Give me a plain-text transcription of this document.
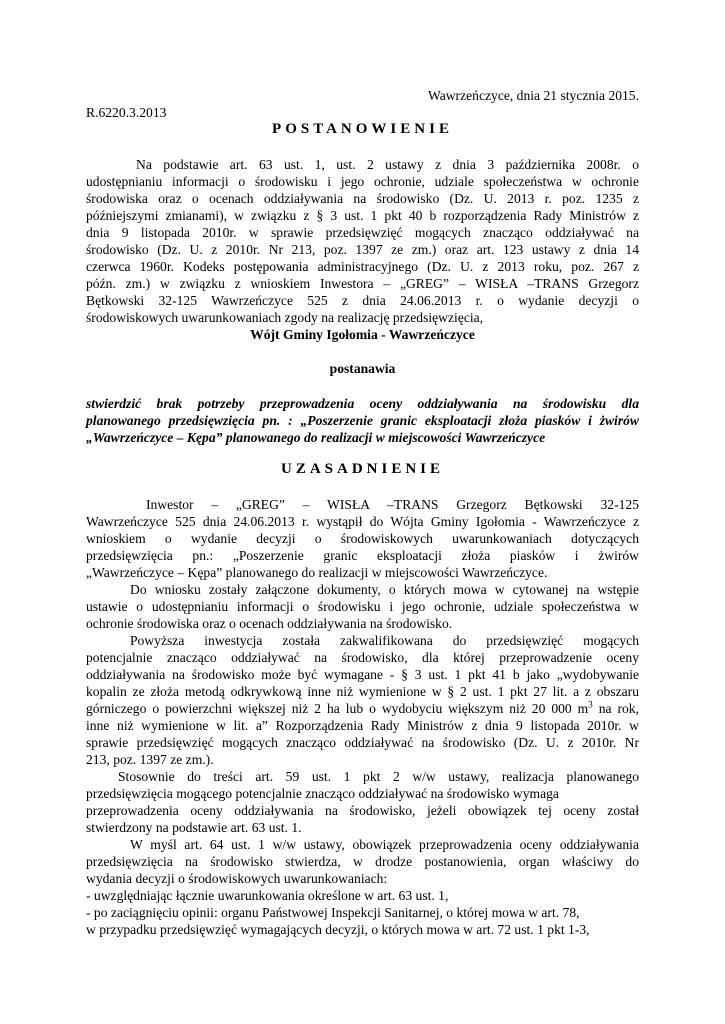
Wawrzeńczyce, dnia 21 stycznia 2015.
R.6220.3.2013
POSTANOWIENIE
Na podstawie art. 63 ust. 1, ust. 2 ustawy z dnia 3 października 2008r. o
udostępnianiu informacji o środowisku i jego ochronie, udziale społeczeństwa w ochronie
środowiska oraz o ocenach oddziaływania na środowisko (Dz. U. 2013 r. poz. 1235 z
późniejszymi zmianami), w związku z § 3 ust. 1 pkt 40 b rozporządzenia Rady Ministrów z
dnia 9 listopada 2010r. w sprawie przedsięwzięć mogących znacząco oddziaływać na
środowisko (Dz. U. z 2010r. Nr 213, poz. 1397 ze zm.) oraz art. 123 ustawy z dnia 14
czerwca 1960r. Kodeks postępowania administracyjnego (Dz. U. z 2013 roku, poz. 267 z
późn. zm.) w związku z wnioskiem Inwestora – „GREG” – WISŁA –TRANS Grzegorz
Bętkowski 32-125 Wawrzeńczyce 525 z dnia 24.06.2013 r. o wydanie decyzji o
środowiskowych uwarunkowaniach zgody na realizację przedsięwzięcia,
Wójt Gminy Igołomia - Wawrzeńczyce
postanawia
stwierdzić brak potrzeby przeprowadzenia oceny oddziaływania na środowisku dla
planowanego przedsięwzięcia pn. : „Poszerzenie granic eksploatacji złoża piasków i żwirów
„Wawrzeńczyce – Kępa” planowanego do realizacji w miejscowości Wawrzeńczyce
UZASADNIENIE
Inwestor – „GREG” – WISŁA –TRANS Grzegorz Bętkowski 32-125
Wawrzeńczyce 525 dnia 24.06.2013 r. wystąpił do Wójta Gminy Igołomia - Wawrzeńczyce z
wnioskiem o wydanie decyzji o środowiskowych uwarunkowaniach dotyczących
przedsięwzięcia pn.: „Poszerzenie granic eksploatacji złoża piasków i żwirów
„Wawrzeńczyce – Kępa” planowanego do realizacji w miejscowości Wawrzeńczyce.
Do wniosku zostały załączone dokumenty, o których mowa w cytowanej na wstępie
ustawie o udostępnianiu informacji o środowisku i jego ochronie, udziale społeczeństwa w
ochronie środowiska oraz o ocenach oddziaływania na środowisko.
Powyższa inwestycja została zakwalifikowana do przedsięwzięć mogących
potencjalnie znacząco oddziaływać na środowisko, dla której przeprowadzenie oceny
oddziaływania na środowisko może być wymagane - § 3 ust. 1 pkt 41 b jako „wydobywanie
kopalin ze złoża metodą odkrywkową inne niż wymienione w § 2 ust. 1 pkt 27 lit. a z obszaru
górniczego o powierzchni większej niż 2 ha lub o wydobyciu większym niż 20 000 $m^3$ na rok,
inne niż wymienione w lit. a” Rozporządzenia Rady Ministrów z dnia 9 listopada 2010r. w
sprawie przedsięwzięć mogących znacząco oddziaływać na środowisko (Dz. U. z 2010r. Nr
213, poz. 1397 ze zm.).
Stosownie do treści art. 59 ust. 1 pkt 2 w/w ustawy, realizacja planowanego
przedsięwzięcia mogącego potencjalnie znacząco oddziaływać na środowisko wymaga
przeprowadzenia oceny oddziaływania na środowisko, jeżeli obowiązek tej oceny został
stwierdzony na podstawie art. 63 ust. 1.
W myśl art. 64 ust. 1 w/w ustawy, obowiązek przeprowadzenia oceny oddziaływania
przedsięwzięcia na środowisko stwierdza, w drodze postanowienia, organ właściwy do
wydania decyzji o środowiskowych uwarunkowaniach:
- uwzględniając łącznie uwarunkowania określone w art. 63 ust. 1,
- po zaciągnięciu opinii: organu Państwowej Inspekcji Sanitarnej, o której mowa w art. 78,
w przypadku przedsięwzięć wymagających decyzji, o których mowa w art. 72 ust. 1 pkt 1-3,
